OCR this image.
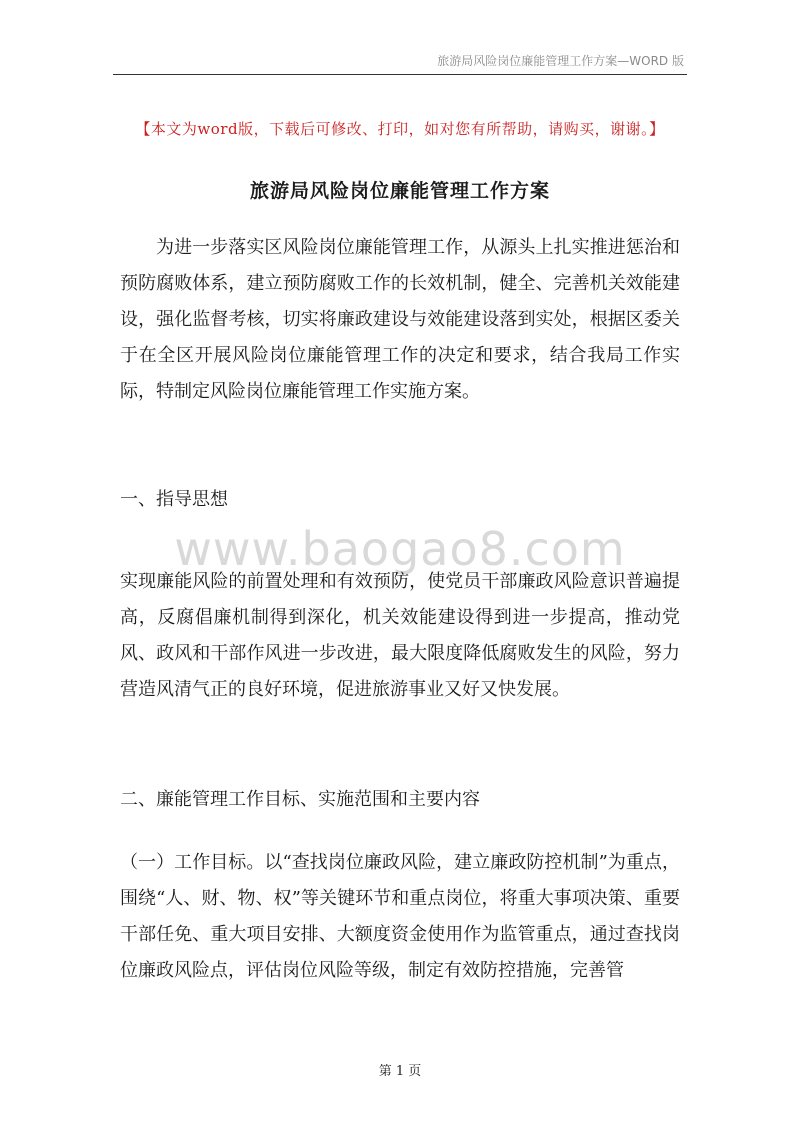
旅游局风险岗位廉能管理工作方案—WORD 版
【本文为word版，下载后可修改、打印，如对您有所帮助，请购买，谢谢。】
旅游局风险岗位廉能管理工作方案

为进一步落实区风险岗位廉能管理工作，从源头上扎实推进惩治和预防腐败体系，建立预防腐败工作的长效机制，健全、完善机关效能建设，强化监督考核，切实将廉政建设与效能建设落到实处，根据区委关于在全区开展风险岗位廉能管理工作的决定和要求，结合我局工作实际，特制定风险岗位廉能管理工作实施方案。

一、指导思想

www.baogao8.com

实现廉能风险的前置处理和有效预防，使党员干部廉政风险意识普遍提高，反腐倡廉机制得到深化，机关效能建设得到进一步提高，推动党风、政风和干部作风进一步改进，最大限度降低腐败发生的风险，努力营造风清气正的良好环境，促进旅游事业又好又快发展。

二、廉能管理工作目标、实施范围和主要内容

（一）工作目标。以“查找岗位廉政风险，建立廉政防控机制”为重点，围绕“人、财、物、权”等关键环节和重点岗位，将重大事项决策、重要干部任免、重大项目安排、大额度资金使用作为监管重点，通过查找岗位廉政风险点，评估岗位风险等级，制定有效防控措施，完善管

第 1 页
